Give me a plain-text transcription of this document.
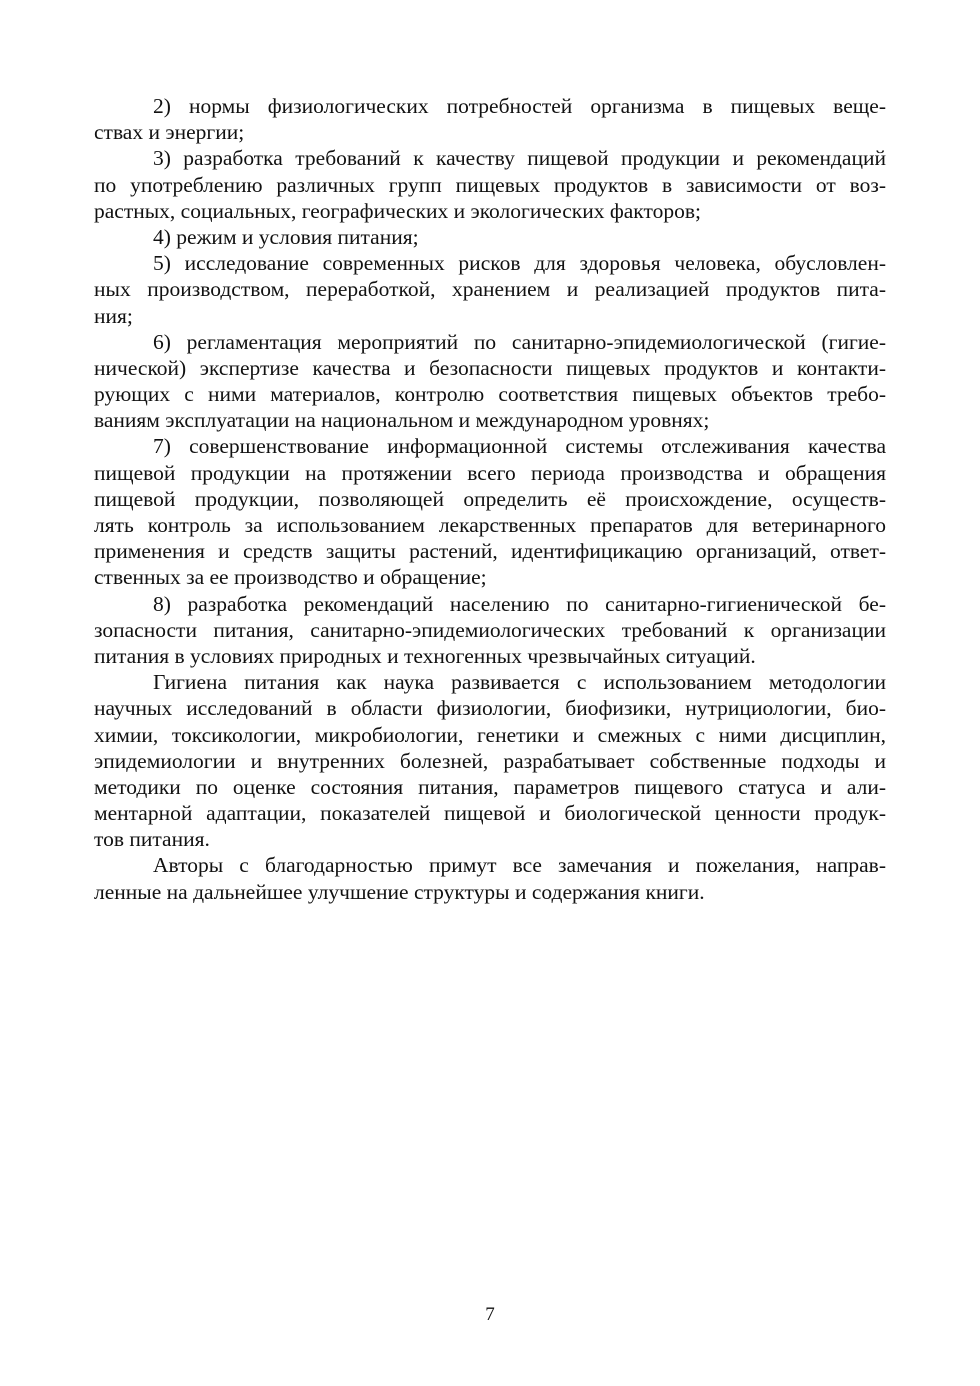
2) нормы физиологических потребностей организма в пищевых веще-
ствах и энергии;
3) разработка требований к качеству пищевой продукции и рекомендаций
по употреблению различных групп пищевых продуктов в зависимости от воз-
растных, социальных, географических и экологических факторов;
4) режим и условия питания;
5) исследование современных рисков для здоровья человека, обусловлен-
ных производством, переработкой, хранением и реализацией продуктов пита-
ния;
6) регламентация мероприятий по санитарно-эпидемиологической (гигие-
нической) экспертизе качества и безопасности пищевых продуктов и контакти-
рующих с ними материалов, контролю соответствия пищевых объектов требо-
ваниям эксплуатации на национальном и международном уровнях;
7) совершенствование информационной системы отслеживания качества
пищевой продукции на протяжении всего периода производства и обращения
пищевой продукции, позволяющей определить её происхождение, осуществ-
лять контроль за использованием лекарственных препаратов для ветеринарного
применения и средств защиты растений, идентифицикацию организаций, ответ-
ственных за ее производство и обращение;
8) разработка рекомендаций населению по санитарно-гигиенической бе-
зопасности питания, санитарно-эпидемиологических требований к организации
питания в условиях природных и техногенных чрезвычайных ситуаций.
Гигиена питания как наука развивается с использованием методологии
научных исследований в области физиологии, биофизики, нутрициологии, био-
химии, токсикологии, микробиологии, генетики и смежных с ними дисциплин,
эпидемиологии и внутренних болезней, разрабатывает собственные подходы и
методики по оценке состояния питания, параметров пищевого статуса и али-
ментарной адаптации, показателей пищевой и биологической ценности продук-
тов питания.
Авторы с благодарностью примут все замечания и пожелания, направ-
ленные на дальнейшее улучшение структуры и содержания книги.
7
